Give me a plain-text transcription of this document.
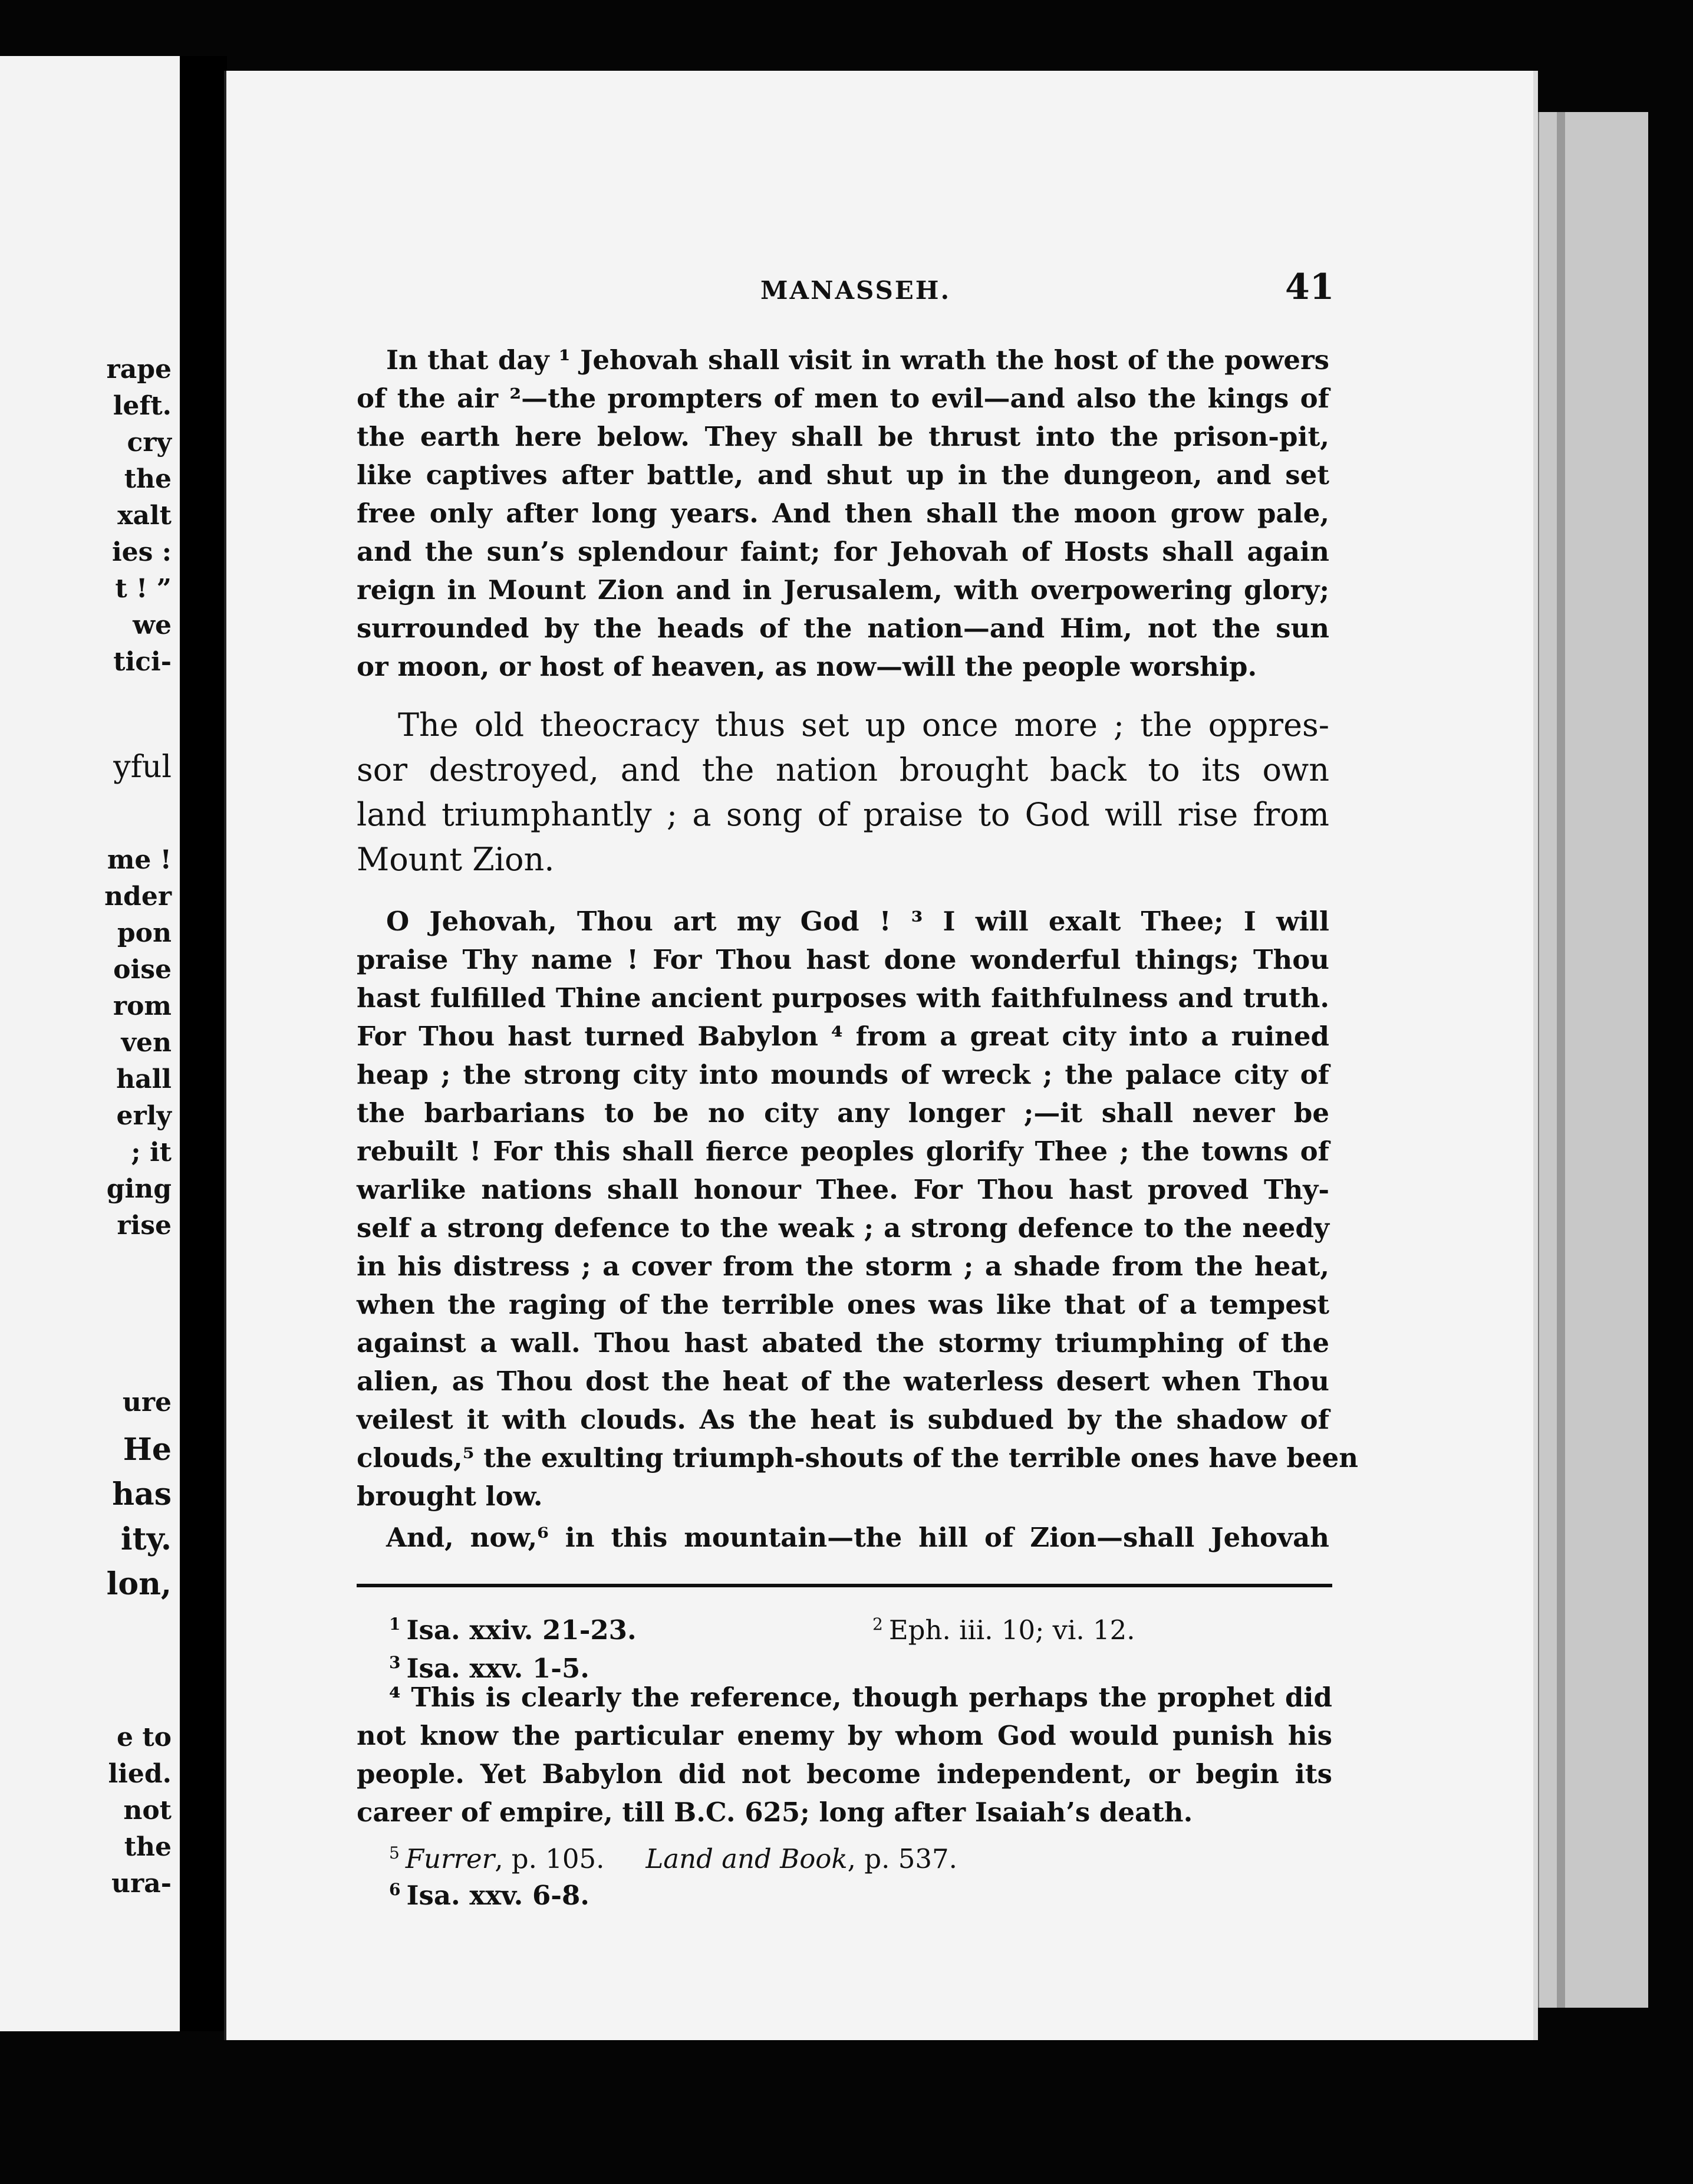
rape
left.
cry
the
xalt
ies :
t ! ”
we
tici-
yful
me !
nder
pon
oise
rom
ven
hall
erly
; it
ging
rise
ure
He
has
ity.
lon,
e to
lied.
not
the
ura-
MANASSEH.	41
In that day ¹ Jehovah shall visit in wrath the host of the powers
of the air ²—the prompters of men to evil—and also the kings of
the earth here below. They shall be thrust into the prison-pit,
like captives after battle, and shut up in the dungeon, and set
free only after long years. And then shall the moon grow pale,
and the sun’s splendour faint; for Jehovah of Hosts shall again
reign in Mount Zion and in Jerusalem, with overpowering glory;
surrounded by the heads of the nation—and Him, not the sun
or moon, or host of heaven, as now—will the people worship.
The old theocracy thus set up once more ; the oppres-
sor destroyed, and the nation brought back to its own
land triumphantly ; a song of praise to God will rise from
Mount Zion.
O Jehovah, Thou art my God ! ³ I will exalt Thee; I will
praise Thy name ! For Thou hast done wonderful things; Thou
hast fulfilled Thine ancient purposes with faithfulness and truth.
For Thou hast turned Babylon ⁴ from a great city into a ruined
heap ; the strong city into mounds of wreck ; the palace city of
the barbarians to be no city any longer ;—it shall never be
rebuilt ! For this shall fierce peoples glorify Thee ; the towns of
warlike nations shall honour Thee. For Thou hast proved Thy-
self a strong defence to the weak ; a strong defence to the needy
in his distress ; a cover from the storm ; a shade from the heat,
when the raging of the terrible ones was like that of a tempest
against a wall. Thou hast abated the stormy triumphing of the
alien, as Thou dost the heat of the waterless desert when Thou
veilest it with clouds. As the heat is subdued by the shadow of
clouds,⁵ the exulting triumph-shouts of the terrible ones have been
brought low.
And, now,⁶ in this mountain—the hill of Zion—shall Jehovah
$^1$ Isa. xxiv. 21-23.	$^2$ Eph. iii. 10; vi. 12.
$^3$ Isa. xxv. 1-5.
⁴ This is clearly the reference, though perhaps the prophet did
not know the particular enemy by whom God would punish his
people. Yet Babylon did not become independent, or begin its
career of empire, till B.C. 625; long after Isaiah’s death.
$^5$ Furrer, p. 105. Land and Book, p. 537.
$^6$ Isa. xxv. 6-8.
